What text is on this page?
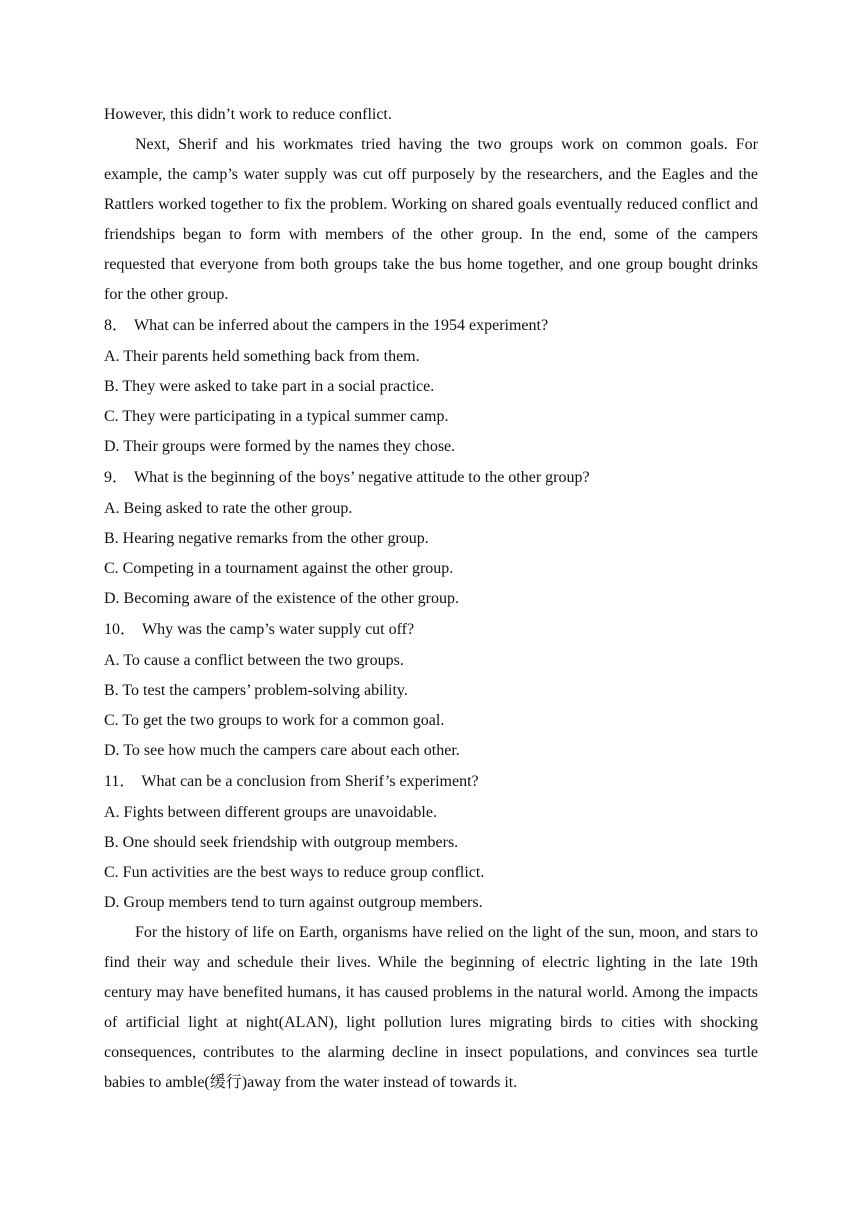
However, this didn’t work to reduce conflict.

Next, Sherif and his workmates tried having the two groups work on common goals. For example, the camp’s water supply was cut off purposely by the researchers, and the Eagles and the Rattlers worked together to fix the problem. Working on shared goals eventually reduced conflict and friendships began to form with members of the other group. In the end, some of the campers requested that everyone from both groups take the bus home together, and one group bought drinks for the other group.

8． What can be inferred about the campers in the 1954 experiment?

A. Their parents held something back from them.

B. They were asked to take part in a social practice.

C. They were participating in a typical summer camp.

D. Their groups were formed by the names they chose.

9． What is the beginning of the boys’ negative attitude to the other group?

A. Being asked to rate the other group.

B. Hearing negative remarks from the other group.

C. Competing in a tournament against the other group.

D. Becoming aware of the existence of the other group.

10． Why was the camp’s water supply cut off?

A. To cause a conflict between the two groups.

B. To test the campers’ problem-solving ability.

C. To get the two groups to work for a common goal.

D. To see how much the campers care about each other.

11． What can be a conclusion from Sherif’s experiment?

A. Fights between different groups are unavoidable.

B. One should seek friendship with outgroup members.

C. Fun activities are the best ways to reduce group conflict.

D. Group members tend to turn against outgroup members.

For the history of life on Earth, organisms have relied on the light of the sun, moon, and stars to find their way and schedule their lives. While the beginning of electric lighting in the late 19th century may have benefited humans, it has caused problems in the natural world. Among the impacts of artificial light at night(ALAN), light pollution lures migrating birds to cities with shocking consequences, contributes to the alarming decline in insect populations, and convinces sea turtle babies to amble(缓行)away from the water instead of towards it.
